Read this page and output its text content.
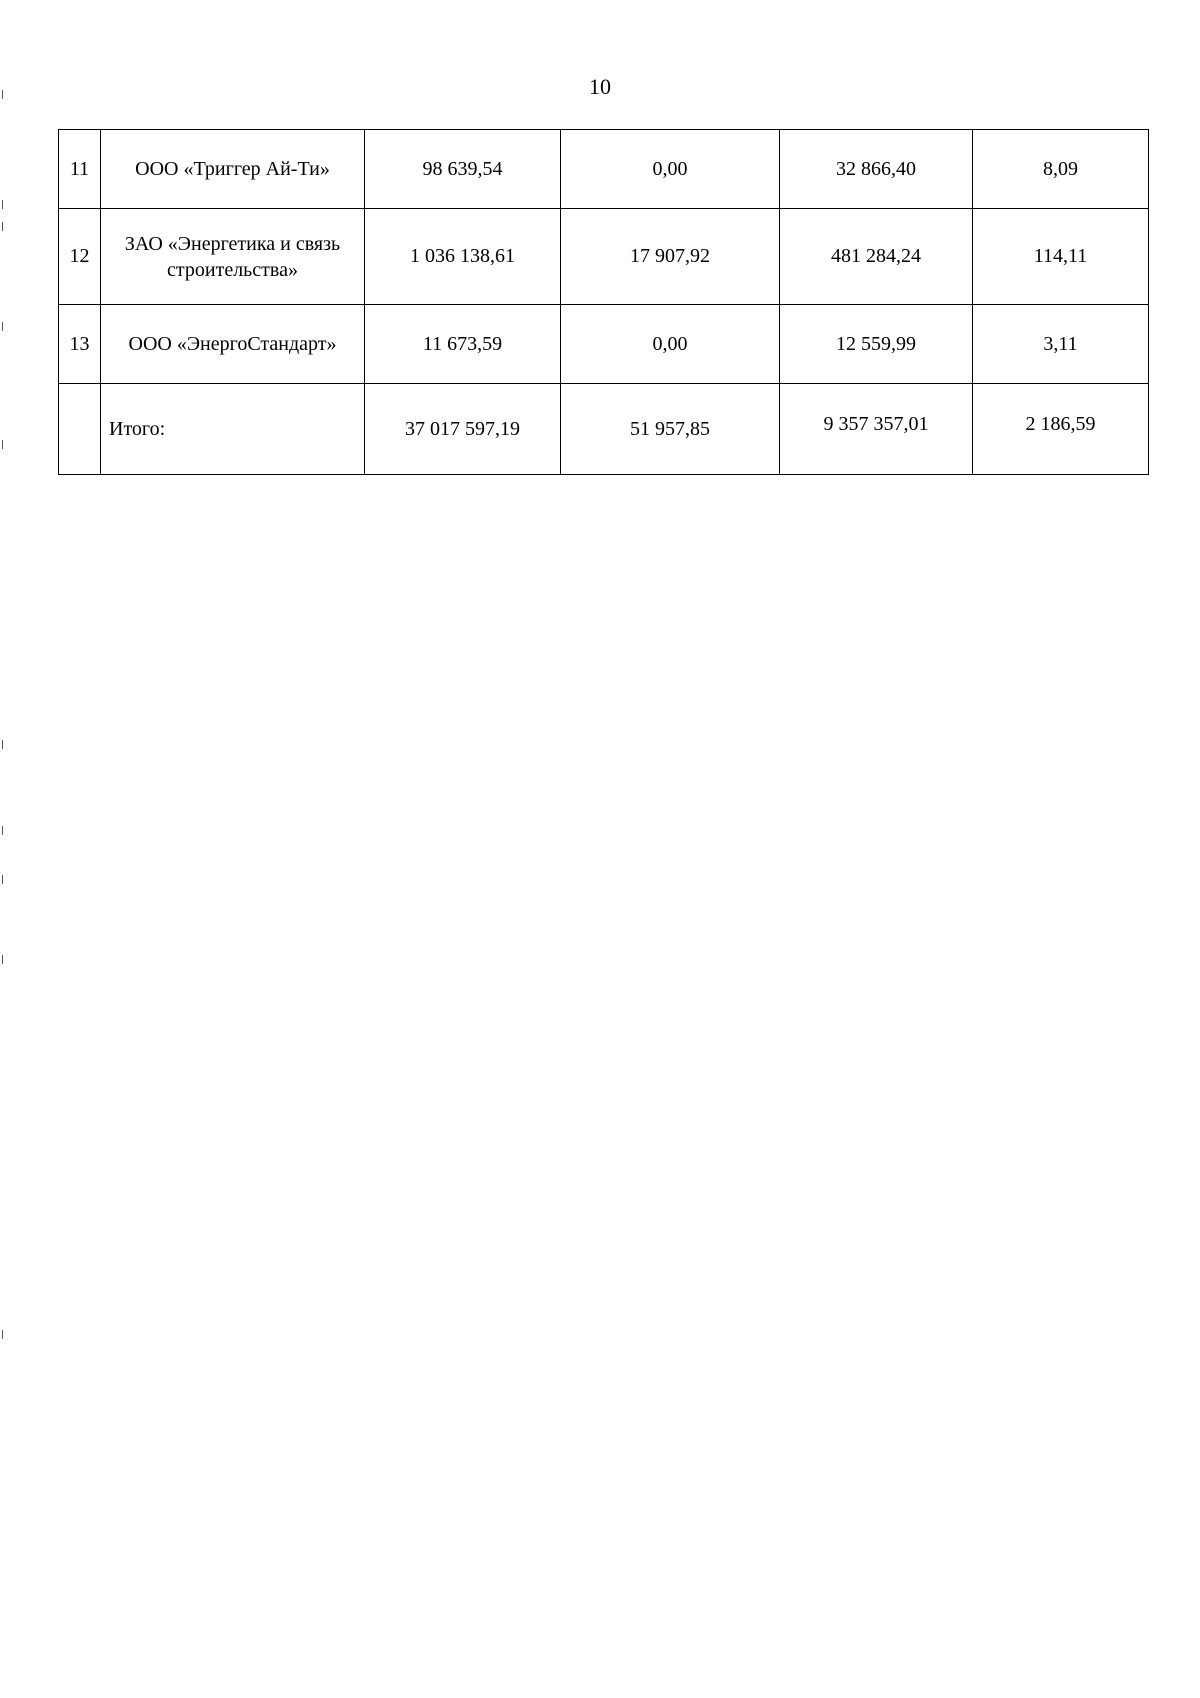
10
11	ООО «Триггер Ай-Ти»	98 639,54	0,00	32 866,40	8,09
12	ЗАО «Энергетика и связь строительства»	1 036 138,61	17 907,92	481 284,24	114,11
13	ООО «ЭнергоСтандарт»	11 673,59	0,00	12 559,99	3,11
	Итого:	37 017 597,19	51 957,85	9 357 357,01	2 186,59
